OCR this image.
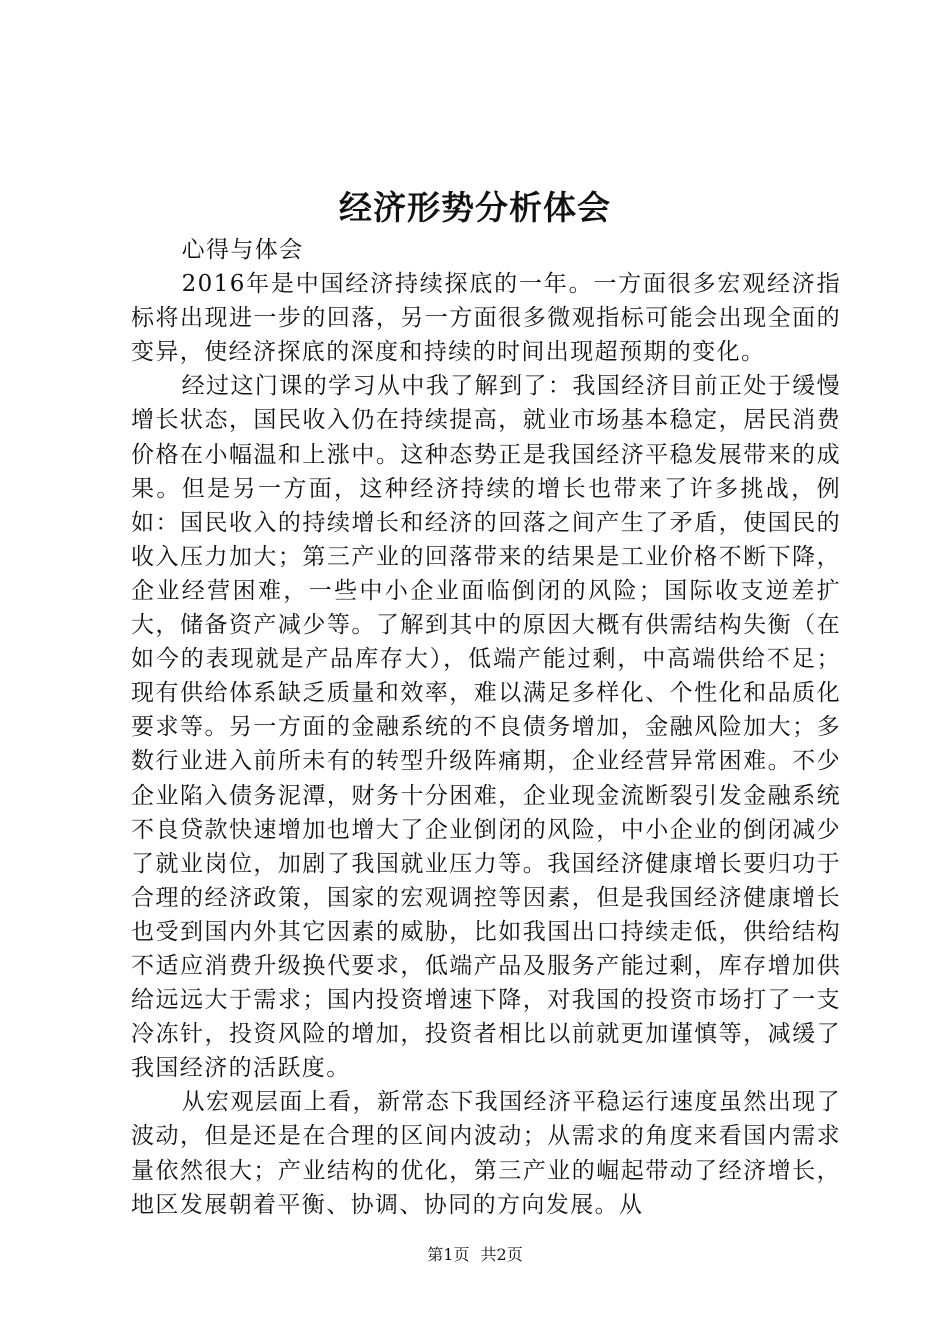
经济形势分析体会

心得与体会

2016年是中国经济持续探底的一年。一方面很多宏观经济指标将出现进一步的回落，另一方面很多微观指标可能会出现全面的变异，使经济探底的深度和持续的时间出现超预期的变化。

经过这门课的学习从中我了解到了：我国经济目前正处于缓慢增长状态，国民收入仍在持续提高，就业市场基本稳定，居民消费价格在小幅温和上涨中。这种态势正是我国经济平稳发展带来的成果。但是另一方面，这种经济持续的增长也带来了许多挑战，例如：国民收入的持续增长和经济的回落之间产生了矛盾，使国民的收入压力加大；第三产业的回落带来的结果是工业价格不断下降，企业经营困难，一些中小企业面临倒闭的风险；国际收支逆差扩大，储备资产减少等。了解到其中的原因大概有供需结构失衡（在如今的表现就是产品库存大），低端产能过剩，中高端供给不足；现有供给体系缺乏质量和效率，难以满足多样化、个性化和品质化要求等。另一方面的金融系统的不良债务增加，金融风险加大；多数行业进入前所未有的转型升级阵痛期，企业经营异常困难。不少企业陷入债务泥潭，财务十分困难，企业现金流断裂引发金融系统不良贷款快速增加也增大了企业倒闭的风险，中小企业的倒闭减少了就业岗位，加剧了我国就业压力等。我国经济健康增长要归功于合理的经济政策，国家的宏观调控等因素，但是我国经济健康增长也受到国内外其它因素的威胁，比如我国出口持续走低，供给结构不适应消费升级换代要求，低端产品及服务产能过剩，库存增加供给远远大于需求；国内投资增速下降，对我国的投资市场打了一支冷冻针，投资风险的增加，投资者相比以前就更加谨慎等，减缓了我国经济的活跃度。

从宏观层面上看，新常态下我国经济平稳运行速度虽然出现了波动，但是还是在合理的区间内波动；从需求的角度来看国内需求量依然很大；产业结构的优化，第三产业的崛起带动了经济增长，地区发展朝着平衡、协调、协同的方向发展。从

第1页 共2页
